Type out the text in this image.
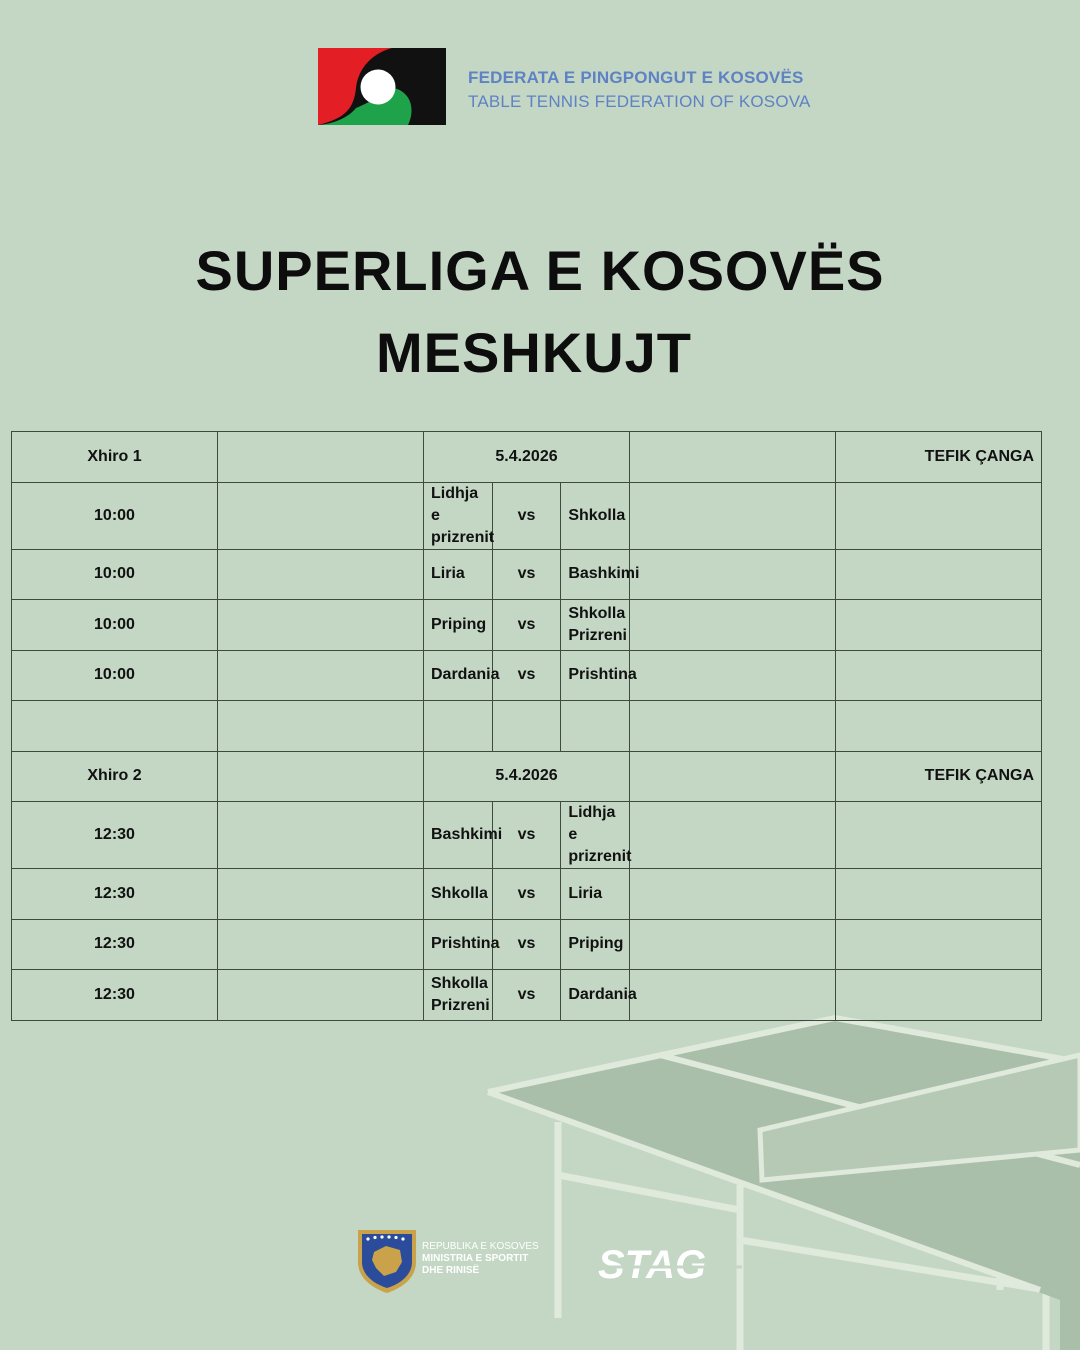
FEDERATA E PINGPONGUT E KOSOVËS
TABLE TENNIS FEDERATION OF KOSOVA
SUPERLIGA E KOSOVËS
MESHKUJT
Xhiro 1		5.4.2026				TEFIK ÇANGA
10:00		Lidhja e prizrenit	vs	Shkolla		
10:00		Liria	vs	Bashkimi		
10:00		Priping	vs	Shkolla Prizreni		
10:00		Dardania	vs	Prishtina		

Xhiro 2		5.4.2026				TEFIK ÇANGA
12:30		Bashkimi	vs	Lidhja e prizrenit		
12:30		Shkolla	vs	Liria		
12:30		Prishtina	vs	Priping		
12:30		Shkolla Prizreni	vs	Dardania		
REPUBLIKA E KOSOVES
MINISTRIA E SPORTIT
DHE RINISË	STAG
